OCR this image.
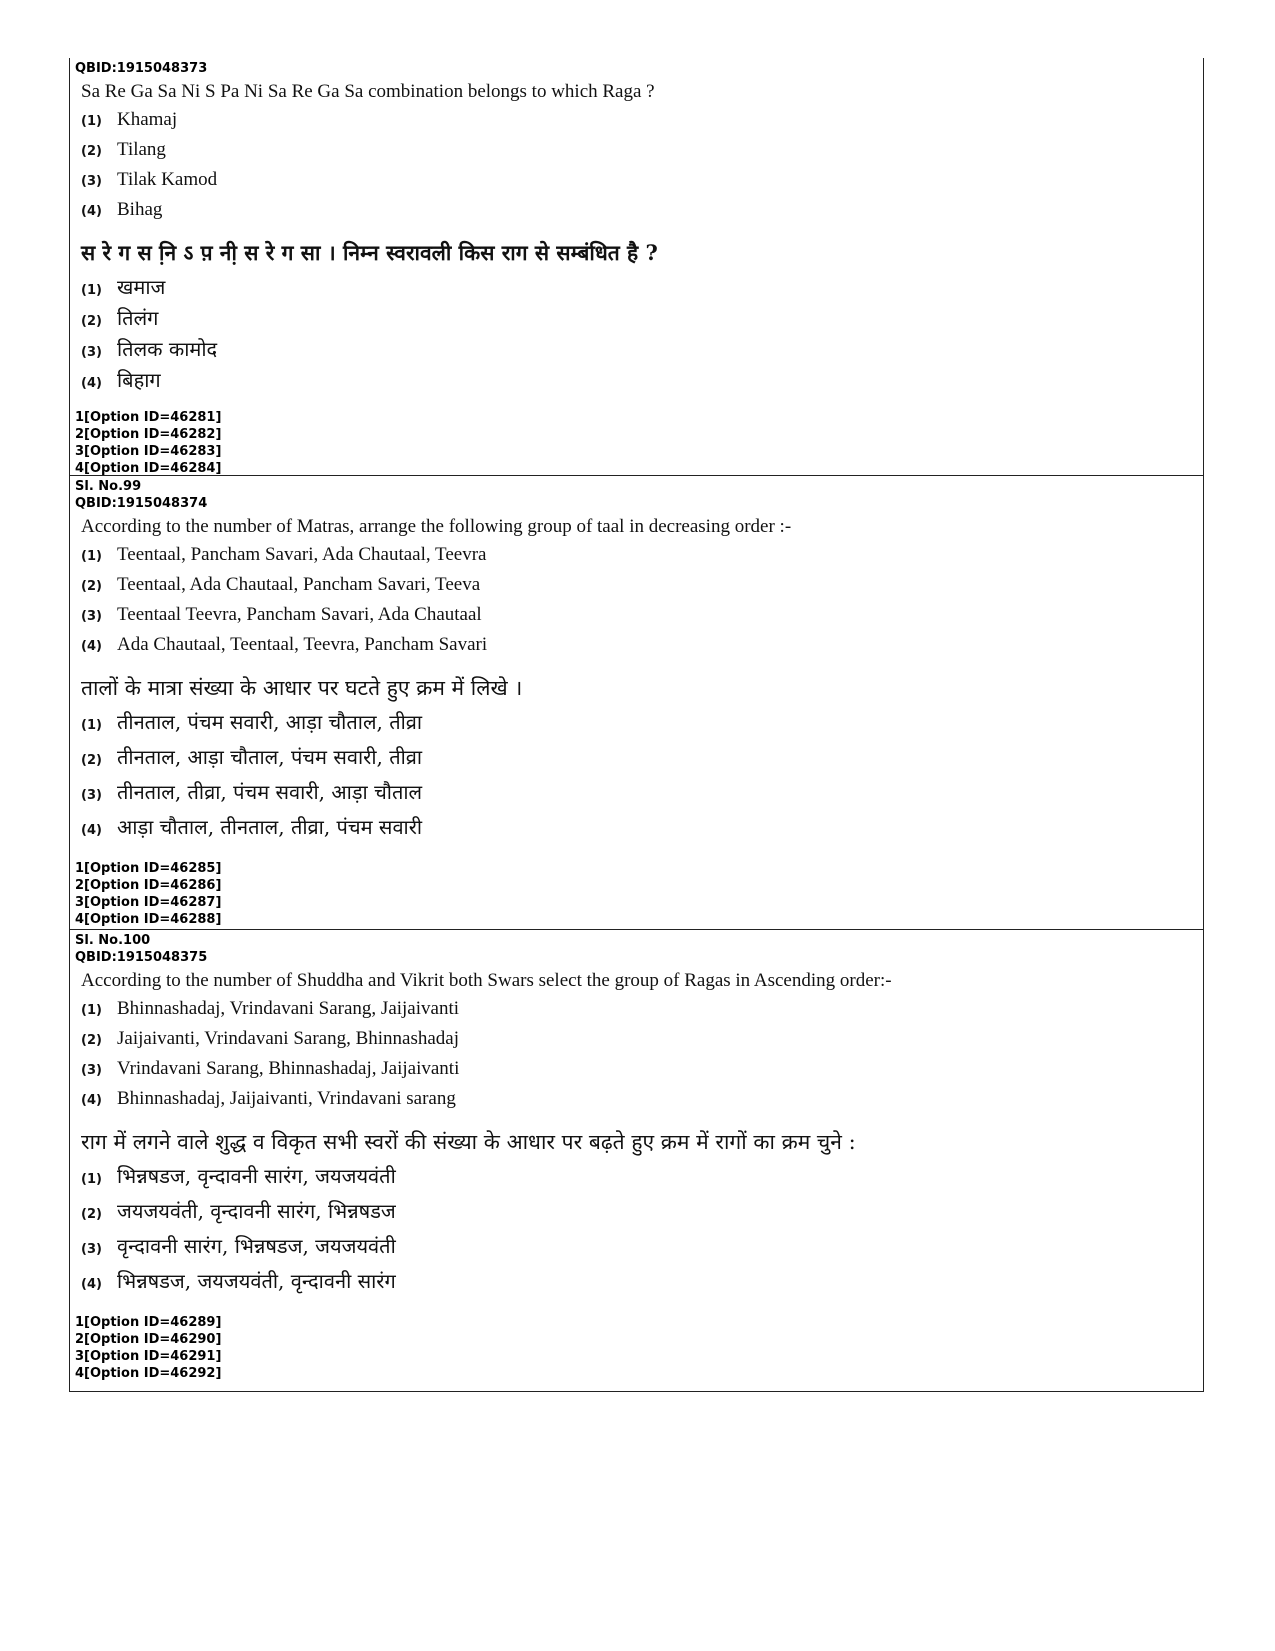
QBID:1915048373
Sa Re Ga Sa Ni S Pa Ni Sa Re Ga Sa combination belongs to which Raga ?
(1) Khamaj
(2) Tilang
(3) Tilak Kamod
(4) Bihag
स रे ग स नि़ ऽ प़ नी़ स रे ग सा । निम्न स्वरावली किस राग से सम्बंधित है ?
(1) खमाज
(2) तिलंग
(3) तिलक कामोद
(4) बिहाग
1[Option ID=46281]
2[Option ID=46282]
3[Option ID=46283]
4[Option ID=46284]
Sl. No.99
QBID:1915048374
According to the number of Matras, arrange the following group of taal in decreasing order :-
(1) Teentaal, Pancham Savari, Ada Chautaal, Teevra
(2) Teentaal, Ada Chautaal, Pancham Savari, Teeva
(3) Teentaal Teevra, Pancham Savari, Ada Chautaal
(4) Ada Chautaal, Teentaal, Teevra, Pancham Savari
तालों के मात्रा संख्या के आधार पर घटते हुए क्रम में लिखे ।
(1) तीनताल, पंचम सवारी, आड़ा चौताल, तीव्रा
(2) तीनताल, आड़ा चौताल, पंचम सवारी, तीव्रा
(3) तीनताल, तीव्रा, पंचम सवारी, आड़ा चौताल
(4) आड़ा चौताल, तीनताल, तीव्रा, पंचम सवारी
1[Option ID=46285]
2[Option ID=46286]
3[Option ID=46287]
4[Option ID=46288]
Sl. No.100
QBID:1915048375
According to the number of Shuddha and Vikrit both Swars select the group of Ragas in Ascending order:-
(1) Bhinnashadaj, Vrindavani Sarang, Jaijaivanti
(2) Jaijaivanti, Vrindavani Sarang, Bhinnashadaj
(3) Vrindavani Sarang, Bhinnashadaj, Jaijaivanti
(4) Bhinnashadaj, Jaijaivanti, Vrindavani sarang
राग में लगने वाले शुद्ध व विकृत सभी स्वरों की संख्या के आधार पर बढ़ते हुए क्रम में रागों का क्रम चुने :
(1) भिन्नषडज, वृन्दावनी सारंग, जयजयवंती
(2) जयजयवंती, वृन्दावनी सारंग, भिन्नषडज
(3) वृन्दावनी सारंग, भिन्नषडज, जयजयवंती
(4) भिन्नषडज, जयजयवंती, वृन्दावनी सारंग
1[Option ID=46289]
2[Option ID=46290]
3[Option ID=46291]
4[Option ID=46292]
